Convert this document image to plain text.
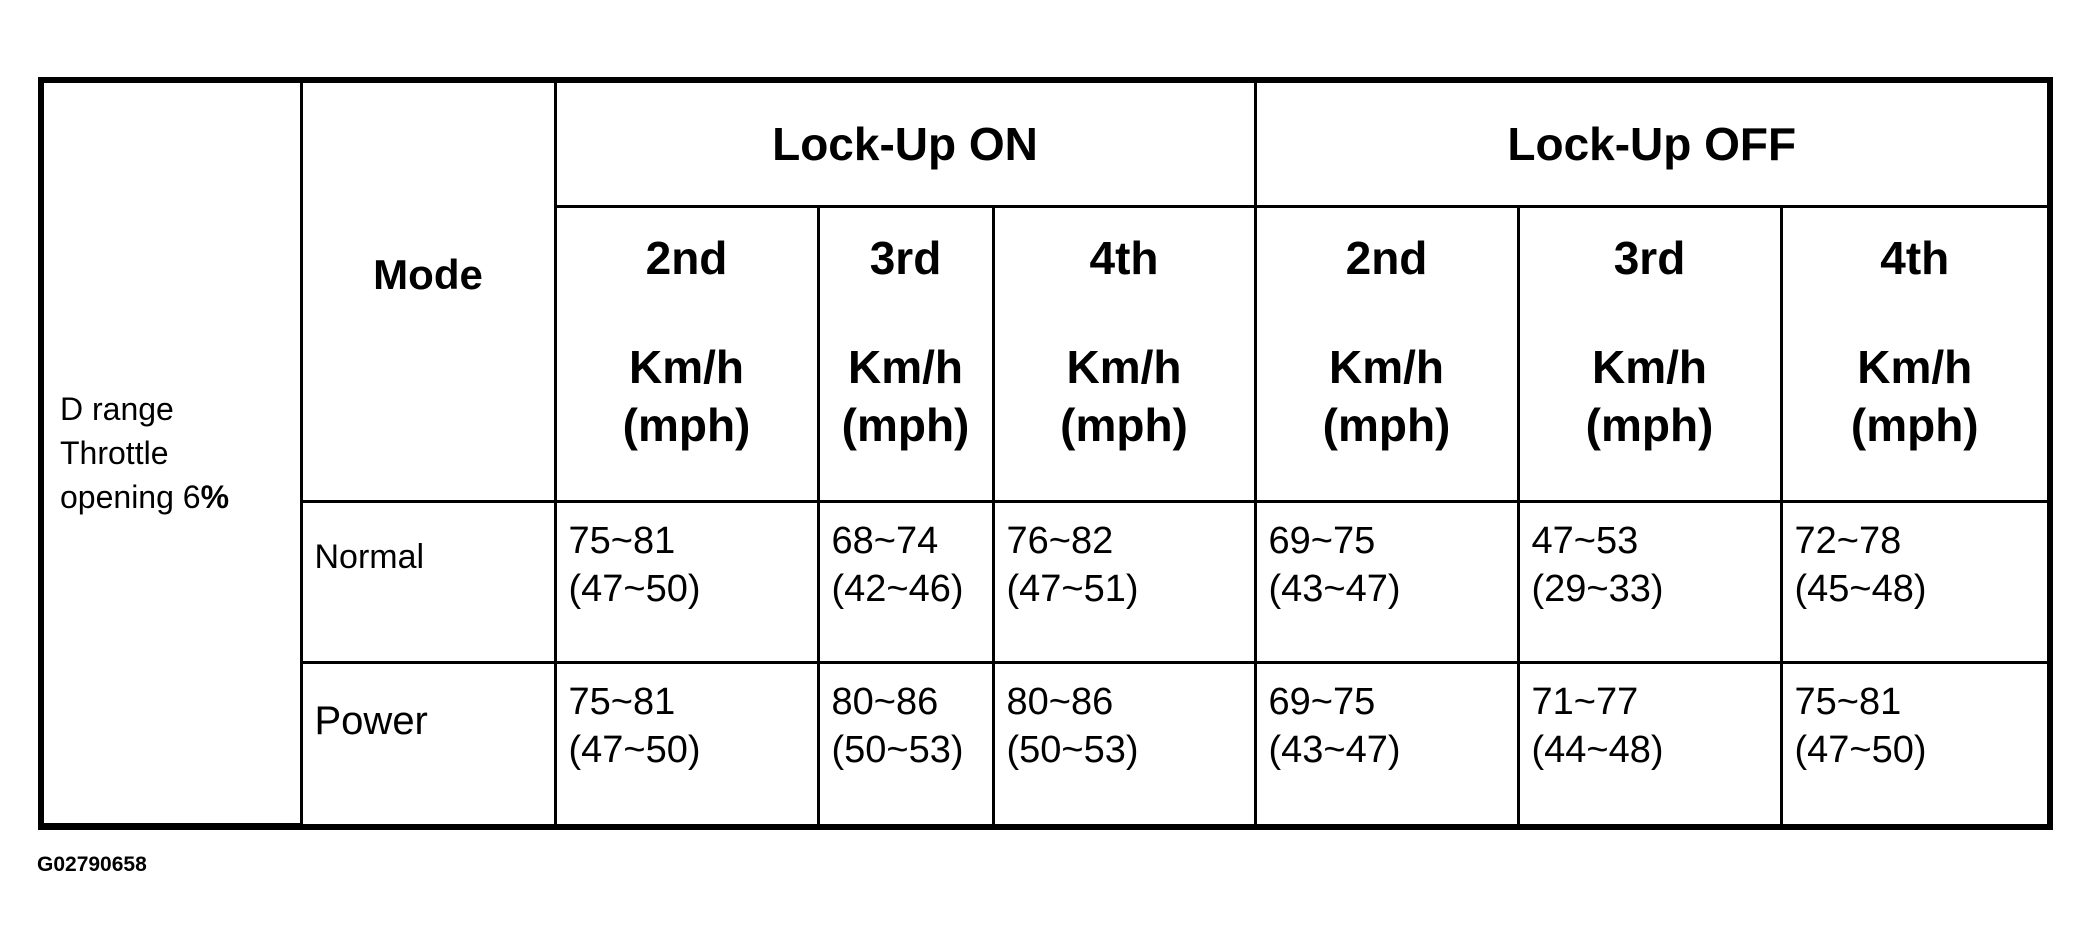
D range
Throttle
opening 6%	Mode	Lock-Up ON			Lock-Up OFF		

		2nd
Km/h
(mph)	3rd
Km/h
(mph)	4th
Km/h
(mph)	2nd
Km/h
(mph)	3rd
Km/h
(mph)	4th
Km/h
(mph)

	Normal	75~81
(47~50)	68~74
(42~46)	76~82
(47~51)	69~75
(43~47)	47~53
(29~33)	72~78
(45~48)

	Power	75~81
(47~50)	80~86
(50~53)	80~86
(50~53)	69~75
(43~47)	71~77
(44~48)	75~81
(47~50)
G02790658
